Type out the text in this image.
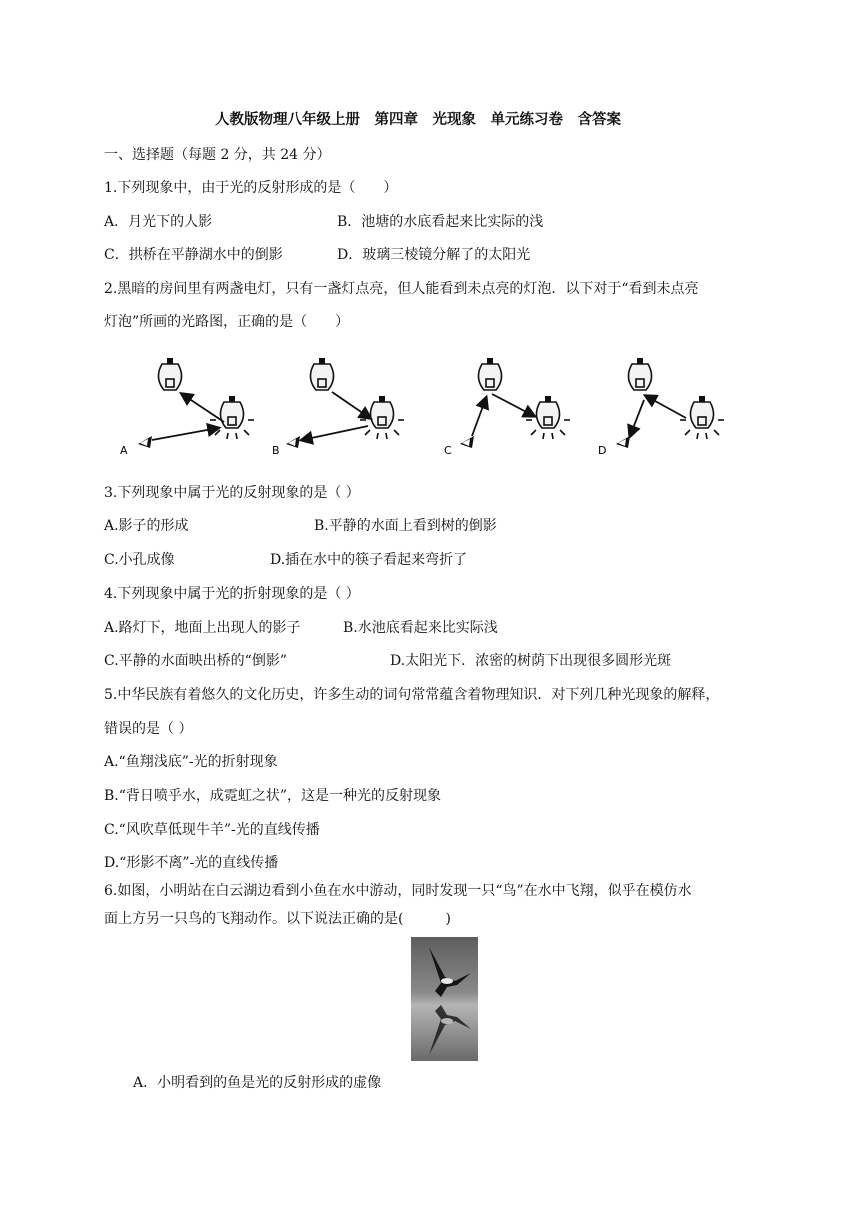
人教版物理八年级上册　第四章　光现象　单元练习卷　含答案
一、选择题（每题 2 分，共 24 分）
1.下列现象中，由于光的反射形成的是（　　）
A．月光下的人影	B．池塘的水底看起来比实际的浅
C．拱桥在平静湖水中的倒影	D．玻璃三棱镜分解了的太阳光
2.黑暗的房间里有两盏电灯，只有一盏灯点亮，但人能看到未点亮的灯泡．以下对于“看到未点亮
灯泡”所画的光路图，正确的是（　　）
A	B	C	D
3.下列现象中属于光的反射现象的是（ ）
A.影子的形成	B.平静的水面上看到树的倒影
C.小孔成像	D.插在水中的筷子看起来弯折了
4.下列现象中属于光的折射现象的是（ ）
A.路灯下，地面上出现人的影子	B.水池底看起来比实际浅
C.平静的水面映出桥的“倒影”	D.太阳光下．浓密的树荫下出现很多圆形光斑
5.中华民族有着悠久的文化历史，许多生动的词句常常蕴含着物理知识．对下列几种光现象的解释，
错误的是（ ）
A.“鱼翔浅底”-光的折射现象
B.“背日喷乎水，成霓虹之状”，这是一种光的反射现象
C.“风吹草低现牛羊”-光的直线传播
D.“形影不离”-光的直线传播
6.如图，小明站在白云湖边看到小鱼在水中游动，同时发现一只“鸟”在水中飞翔，似乎在模仿水
面上方另一只鸟的飞翔动作。以下说法正确的是(　　　)
A．小明看到的鱼是光的反射形成的虚像
